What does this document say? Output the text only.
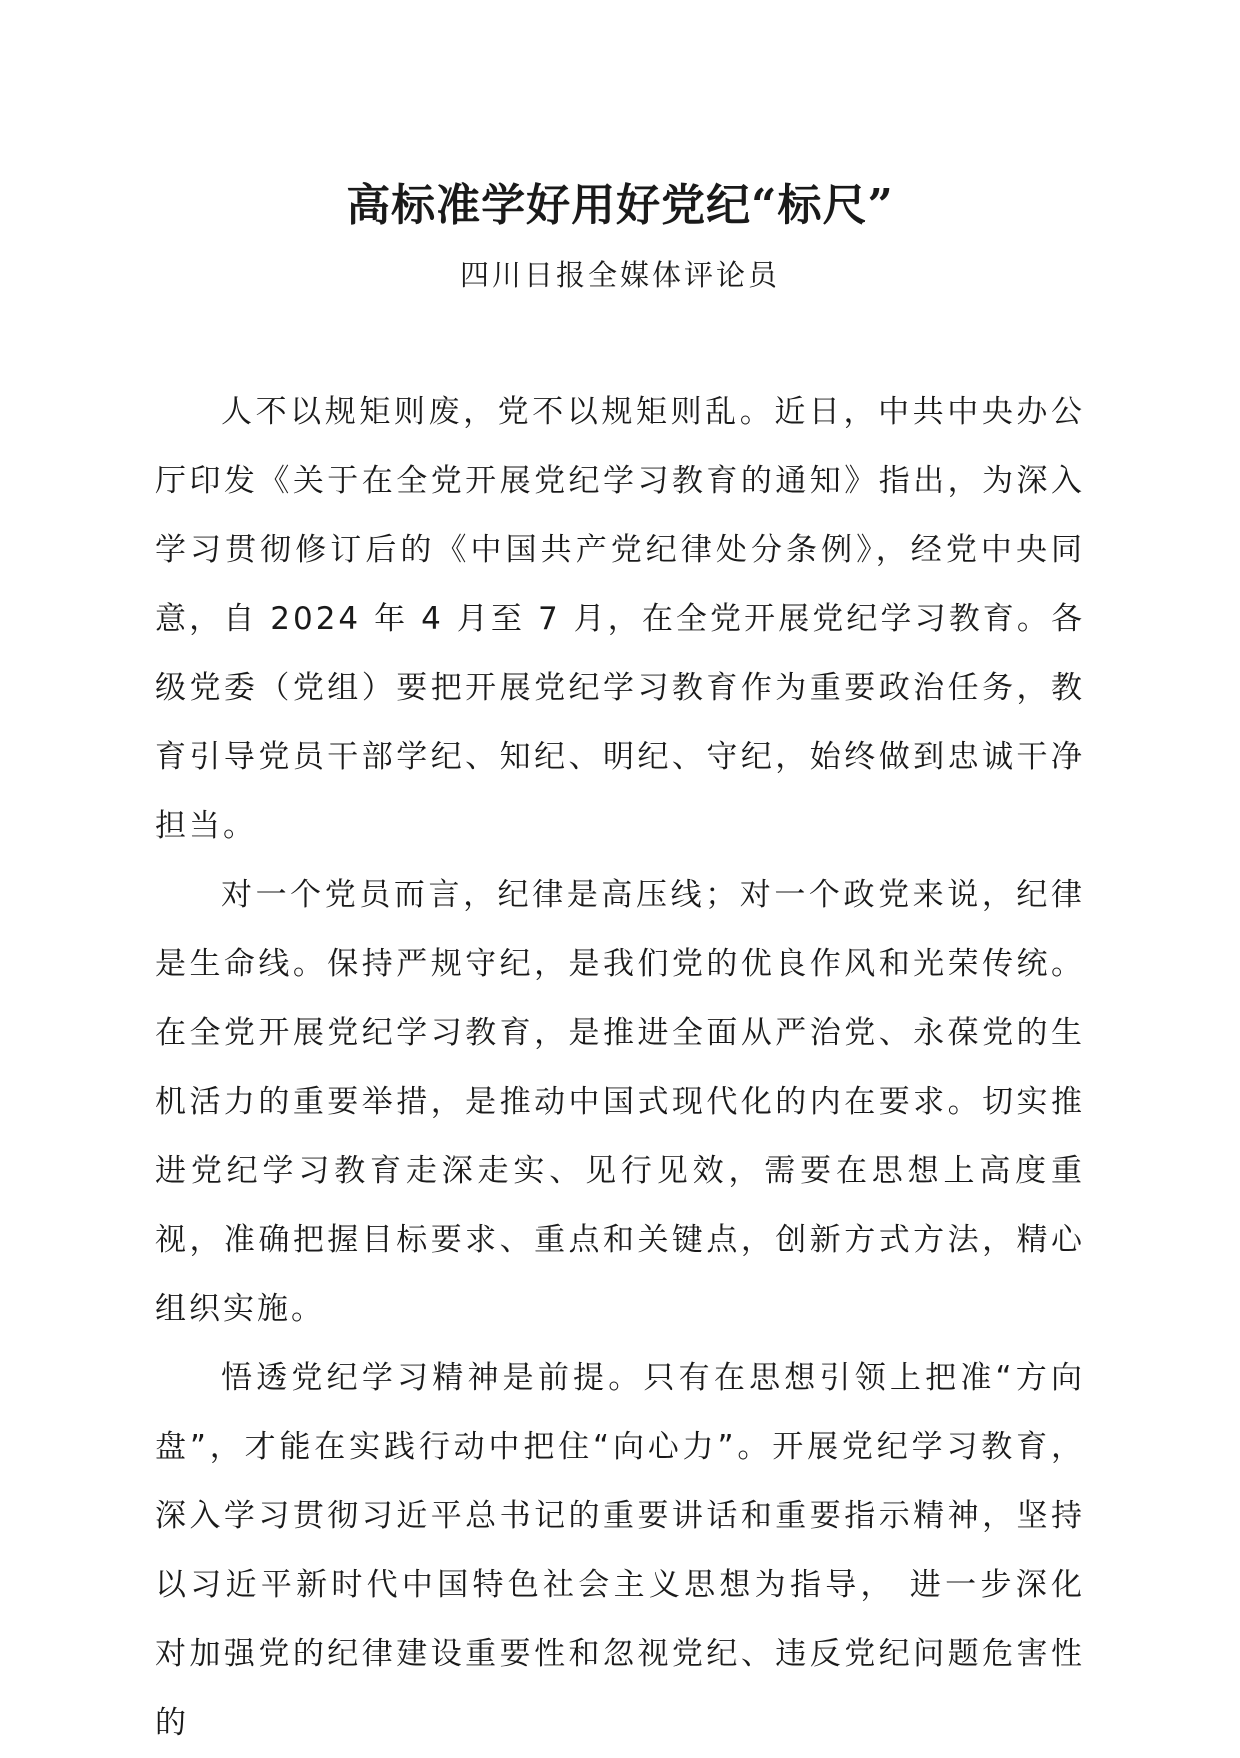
高标准学好用好党纪“标尺”
四川日报全媒体评论员

人不以规矩则废，党不以规矩则乱。近日，中共中央办公厅印发《关于在全党开展党纪学习教育的通知》指出，为深入学习贯彻修订后的《中国共产党纪律处分条例》，经党中央同意，自 2024 年 4 月至 7 月，在全党开展党纪学习教育。各级党委（党组）要把开展党纪学习教育作为重要政治任务，教育引导党员干部学纪、知纪、明纪、守纪，始终做到忠诚干净担当。

对一个党员而言，纪律是高压线；对一个政党来说，纪律是生命线。保持严规守纪，是我们党的优良作风和光荣传统。在全党开展党纪学习教育，是推进全面从严治党、永葆党的生机活力的重要举措，是推动中国式现代化的内在要求。切实推进党纪学习教育走深走实、见行见效，需要在思想上高度重视，准确把握目标要求、重点和关键点，创新方式方法，精心组织实施。

悟透党纪学习精神是前提。只有在思想引领上把准“方向盘”，才能在实践行动中把住“向心力”。开展党纪学习教育，深入学习贯彻习近平总书记的重要讲话和重要指示精神，坚持以习近平新时代中国特色社会主义思想为指导， 进一步深化对加强党的纪律建设重要性和忽视党纪、违反党纪问题危害性的
